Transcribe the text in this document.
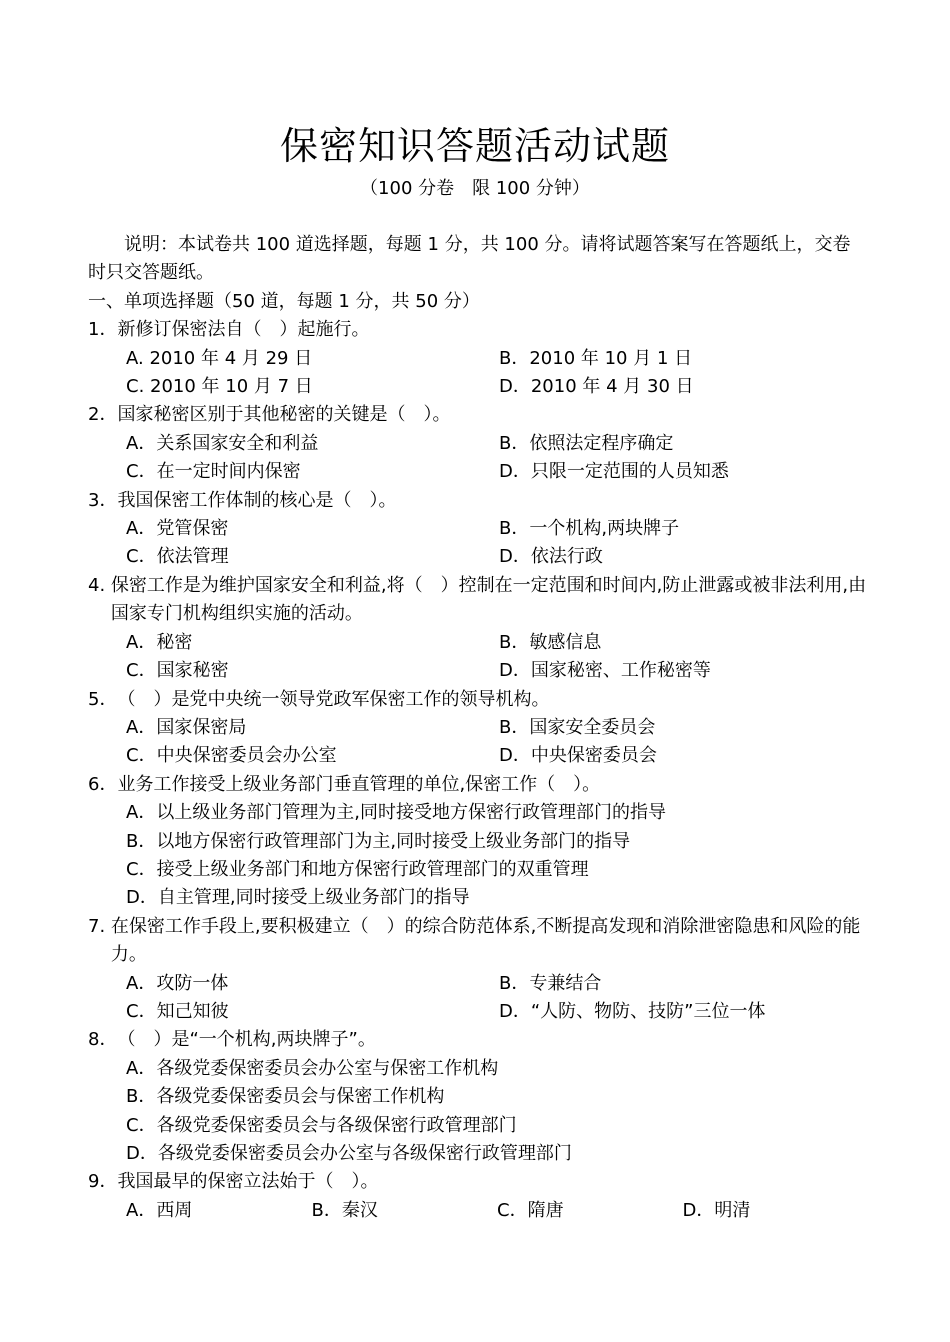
保密知识答题活动试题
（100 分卷　限 100 分钟）
说明：本试卷共 100 道选择题，每题 1 分，共 100 分。请将试题答案写在答题纸上，交卷时只交答题纸。
一、单项选择题（50 道，每题 1 分，共 50 分）
1． 新修订保密法自（　）起施行。
A. 2010 年 4 月 29 日	B．2010 年 10 月 1 日
C. 2010 年 10 月 7 日	D．2010 年 4 月 30 日
2． 国家秘密区别于其他秘密的关键是（　）。
A．关系国家安全和利益	B．依照法定程序确定
C．在一定时间内保密	D．只限一定范围的人员知悉
3． 我国保密工作体制的核心是（　）。
A．党管保密	B．一个机构,两块牌子
C．依法管理	D．依法行政
4. 保密工作是为维护国家安全和利益,将（　）控制在一定范围和时间内,防止泄露或被非法利用,由国家专门机构组织实施的活动。
A．秘密	B．敏感信息
C．国家秘密	D．国家秘密、工作秘密等
5． （　）是党中央统一领导党政军保密工作的领导机构。
A．国家保密局	B．国家安全委员会
C．中央保密委员会办公室	D．中央保密委员会
6． 业务工作接受上级业务部门垂直管理的单位,保密工作（　）。
A．以上级业务部门管理为主,同时接受地方保密行政管理部门的指导
B．以地方保密行政管理部门为主,同时接受上级业务部门的指导
C．接受上级业务部门和地方保密行政管理部门的双重管理
D．自主管理,同时接受上级业务部门的指导
7. 在保密工作手段上,要积极建立（　）的综合防范体系,不断提高发现和消除泄密隐患和风险的能力。
A．攻防一体	B．专兼结合
C．知己知彼	D．“人防、物防、技防”三位一体
8． （　）是“一个机构,两块牌子”。
A．各级党委保密委员会办公室与保密工作机构
B．各级党委保密委员会与保密工作机构
C．各级党委保密委员会与各级保密行政管理部门
D．各级党委保密委员会办公室与各级保密行政管理部门
9． 我国最早的保密立法始于（　）。
A．西周	B．秦汉	C．隋唐	D．明清
